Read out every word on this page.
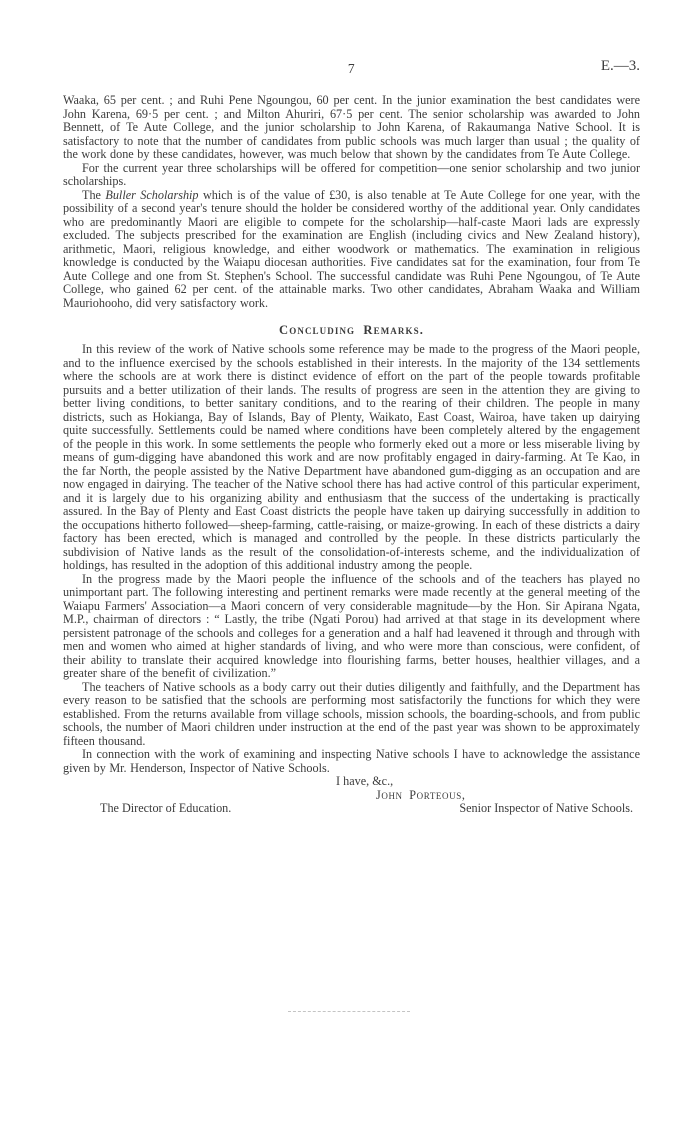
7	E.—3.

Waaka, 65 per cent. ; and Ruhi Pene Ngoungou, 60 per cent. In the junior examination the best candidates were John Karena, 69·5 per cent. ; and Milton Ahuriri, 67·5 per cent. The senior scholarship was awarded to John Bennett, of Te Aute College, and the junior scholarship to John Karena, of Rakaumanga Native School. It is satisfactory to note that the number of candidates from public schools was much larger than usual ; the quality of the work done by these candidates, however, was much below that shown by the candidates from Te Aute College.

For the current year three scholarships will be offered for competition—one senior scholarship and two junior scholarships.

The Buller Scholarship which is of the value of £30, is also tenable at Te Aute College for one year, with the possibility of a second year's tenure should the holder be considered worthy of the additional year. Only candidates who are predominantly Maori are eligible to compete for the scholarship—half-caste Maori lads are expressly excluded. The subjects prescribed for the examination are English (including civics and New Zealand history), arithmetic, Maori, religious knowledge, and either woodwork or mathematics. The examination in religious knowledge is conducted by the Waiapu diocesan authorities. Five candidates sat for the examination, four from Te Aute College and one from St. Stephen's School. The successful candidate was Ruhi Pene Ngoungou, of Te Aute College, who gained 62 per cent. of the attainable marks. Two other candidates, Abraham Waaka and William Mauriohooho, did very satisfactory work.

Concluding Remarks.

In this review of the work of Native schools some reference may be made to the progress of the Maori people, and to the influence exercised by the schools established in their interests. In the majority of the 134 settlements where the schools are at work there is distinct evidence of effort on the part of the people towards profitable pursuits and a better utilization of their lands. The results of progress are seen in the attention they are giving to better living conditions, to better sanitary conditions, and to the rearing of their children. The people in many districts, such as Hokianga, Bay of Islands, Bay of Plenty, Waikato, East Coast, Wairoa, have taken up dairying quite successfully. Settlements could be named where conditions have been completely altered by the engagement of the people in this work. In some settlements the people who formerly eked out a more or less miserable living by means of gum-digging have abandoned this work and are now profitably engaged in dairy-farming. At Te Kao, in the far North, the people assisted by the Native Department have abandoned gum-digging as an occupation and are now engaged in dairying. The teacher of the Native school there has had active control of this particular experiment, and it is largely due to his organizing ability and enthusiasm that the success of the undertaking is practically assured. In the Bay of Plenty and East Coast districts the people have taken up dairying successfully in addition to the occupations hitherto followed—sheep-farming, cattle-raising, or maize-growing. In each of these districts a dairy factory has been erected, which is managed and controlled by the people. In these districts particularly the subdivision of Native lands as the result of the consolidation-of-interests scheme, and the individualization of holdings, has resulted in the adoption of this additional industry among the people.

In the progress made by the Maori people the influence of the schools and of the teachers has played no unimportant part. The following interesting and pertinent remarks were made recently at the general meeting of the Waiapu Farmers' Association—a Maori concern of very considerable magnitude—by the Hon. Sir Apirana Ngata, M.P., chairman of directors : “ Lastly, the tribe (Ngati Porou) had arrived at that stage in its development where persistent patronage of the schools and colleges for a generation and a half had leavened it through and through with men and women who aimed at higher standards of living, and who were more than conscious, were confident, of their ability to translate their acquired knowledge into flourishing farms, better houses, healthier villages, and a greater share of the benefit of civilization.”

The teachers of Native schools as a body carry out their duties diligently and faithfully, and the Department has every reason to be satisfied that the schools are performing most satisfactorily the functions for which they were established. From the returns available from village schools, mission schools, the boarding-schools, and from public schools, the number of Maori children under instruction at the end of the past year was shown to be approximately fifteen thousand.

In connection with the work of examining and inspecting Native schools I have to acknowledge the assistance given by Mr. Henderson, Inspector of Native Schools.

I have, &c.,
John Porteous,
The Director of Education.	Senior Inspector of Native Schools.
